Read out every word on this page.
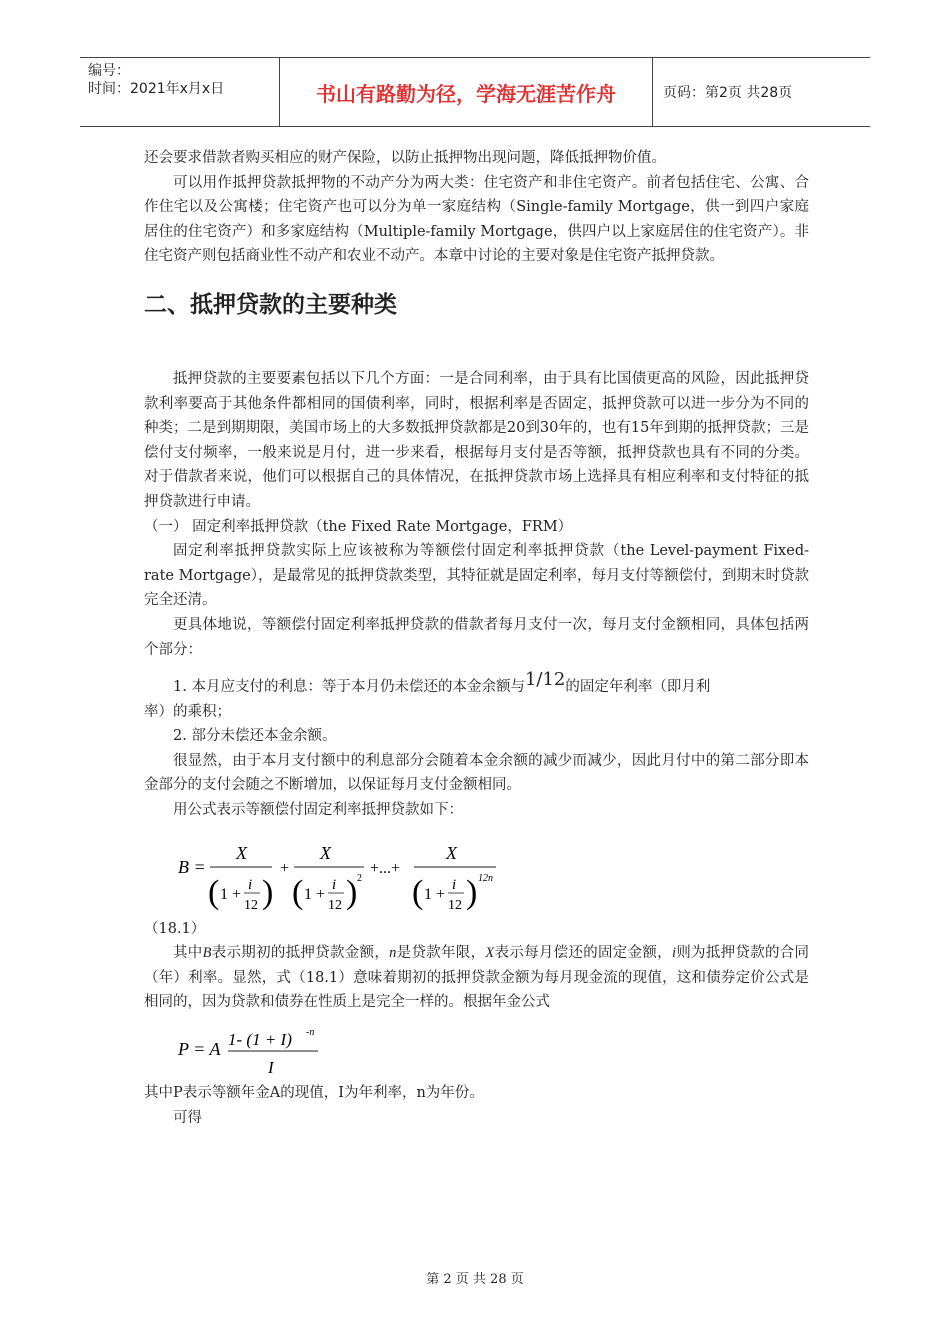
编号：
时间：2021年x月x日	书山有路勤为径，学海无涯苦作舟	页码：第2页 共28页

还会要求借款者购买相应的财产保险，以防止抵押物出现问题，降低抵押物价值。

可以用作抵押贷款抵押物的不动产分为两大类：住宅资产和非住宅资产。前者包括住宅、公寓、合作住宅以及公寓楼；住宅资产也可以分为单一家庭结构（Single-family Mortgage，供一到四户家庭居住的住宅资产）和多家庭结构（Multiple-family Mortgage，供四户以上家庭居住的住宅资产）。非住宅资产则包括商业性不动产和农业不动产。本章中讨论的主要对象是住宅资产抵押贷款。

二、抵押贷款的主要种类

抵押贷款的主要要素包括以下几个方面：一是合同利率，由于具有比国债更高的风险，因此抵押贷款利率要高于其他条件都相同的国债利率，同时，根据利率是否固定，抵押贷款可以进一步分为不同的种类；二是到期期限，美国市场上的大多数抵押贷款都是20到30年的，也有15年到期的抵押贷款；三是偿付支付频率，一般来说是月付，进一步来看，根据每月支付是否等额，抵押贷款也具有不同的分类。对于借款者来说，他们可以根据自己的具体情况，在抵押贷款市场上选择具有相应利率和支付特征的抵押贷款进行申请。

（一） 固定利率抵押贷款（the Fixed Rate Mortgage，FRM）

固定利率抵押贷款实际上应该被称为等额偿付固定利率抵押贷款（the Level-payment Fixed-rate Mortgage），是最常见的抵押贷款类型，其特征就是固定利率，每月支付等额偿付，到期末时贷款完全还清。

更具体地说，等额偿付固定利率抵押贷款的借款者每月支付一次，每月支付金额相同，具体包括两个部分：

1. 本月应支付的利息：等于本月仍未偿还的本金余额与1/12的固定年利率（即月利

率）的乘积；

2. 部分未偿还本金余额。

很显然，由于本月支付额中的利息部分会随着本金余额的减少而减少，因此月付中的第二部分即本金部分的支付会随之不断增加，以保证每月支付金额相同。

用公式表示等额偿付固定利率抵押贷款如下：

B =
X
( 1 +
i
12 )
+
X
( 1 +
i
12 ) 2
+...+
X
( 1 +
i
12 ) 12n

（18.1）

其中B表示期初的抵押贷款金额，n是贷款年限，X表示每月偿还的固定金额，i则为抵押贷款的合同（年）利率。显然，式（18.1）意味着期初的抵押贷款金额为每月现金流的现值，这和债券定价公式是相同的，因为贷款和债券在性质上是完全一样的。根据年金公式

P = A 1- (1 + I) -n
I

其中P表示等额年金A的现值，I为年利率，n为年份。

可得

第 2 页 共 28 页
